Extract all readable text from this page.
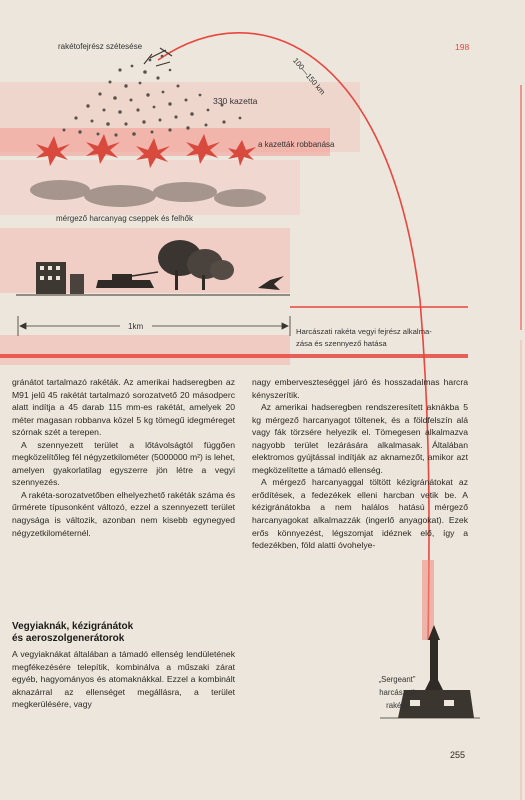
rakétofejrész szétesése
100—150 km
198
330 kazetta
a kazetták robbanása
mérgező harcanyag cseppek és felhők
1km
Harcászati rakéta vegyi fejrész alkalma-
zása és szennyező hatása

gránátot tartalmazó rakéták. Az amerikai hadseregben az M91 jelű 45 rakétát tartalmazó sorozatvető 20 másodperc alatt indítja a 45 darab 115 mm-es rakétát, amelyek 20 méter magasan robbanva közel 5 kg tömegű idegméreget szórnak szét a terepen.

A szennyezett terület a lőtávolságtól függően megközelítőleg fél négyzetkilométer (5000000 m²) is lehet, amelyen gyakorlatilag egyszerre jön létre a vegyi szennyezés.

A rakéta-sorozatvetőben elhelyezhető rakéták száma és űrmérete típusonként változó, ezzel a szennyezett terület nagysága is változik, azonban nem kisebb egynegyed négyzetkilométernél.

Vegyiaknák, kézigránátok
és aeroszolgenerátorok

A vegyiaknákat általában a támadó ellenség lendületének megfékezésére telepítik, kombinálva a műszaki zárat egyéb, hagyományos és atomaknákkal. Ezzel a kombinált aknazárral az ellenséget megállásra, a terület megkerülésére, vagy

nagy emberveszteséggel járó és hosszadalmas harcra kényszerítik.

Az amerikai hadseregben rendszeresített aknákba 5 kg mérgező harcanyagot töltenek, és a földfelszín alá vagy fák törzsére helyezik el. Tömegesen alkalmazva nagyobb terület lezárására alkalmasak. Általában elektromos gyújtással indítják az aknamezőt, amikor azt megközelítette a támadó ellenség.

A mérgező harcanyaggal töltött kézigránátokat az erődítések, a fedezékek elleni harcban vetik be. A kézigránátokba a nem halálos hatású mérgező harcanyagokat alkalmazzák (ingerlő anyagokat). Ezek erős könnyezést, légszomjat idéznek elő, így a fedezékben, föld alatti óvohelye-

„Sergeant”
harcászati
rakéta
255
